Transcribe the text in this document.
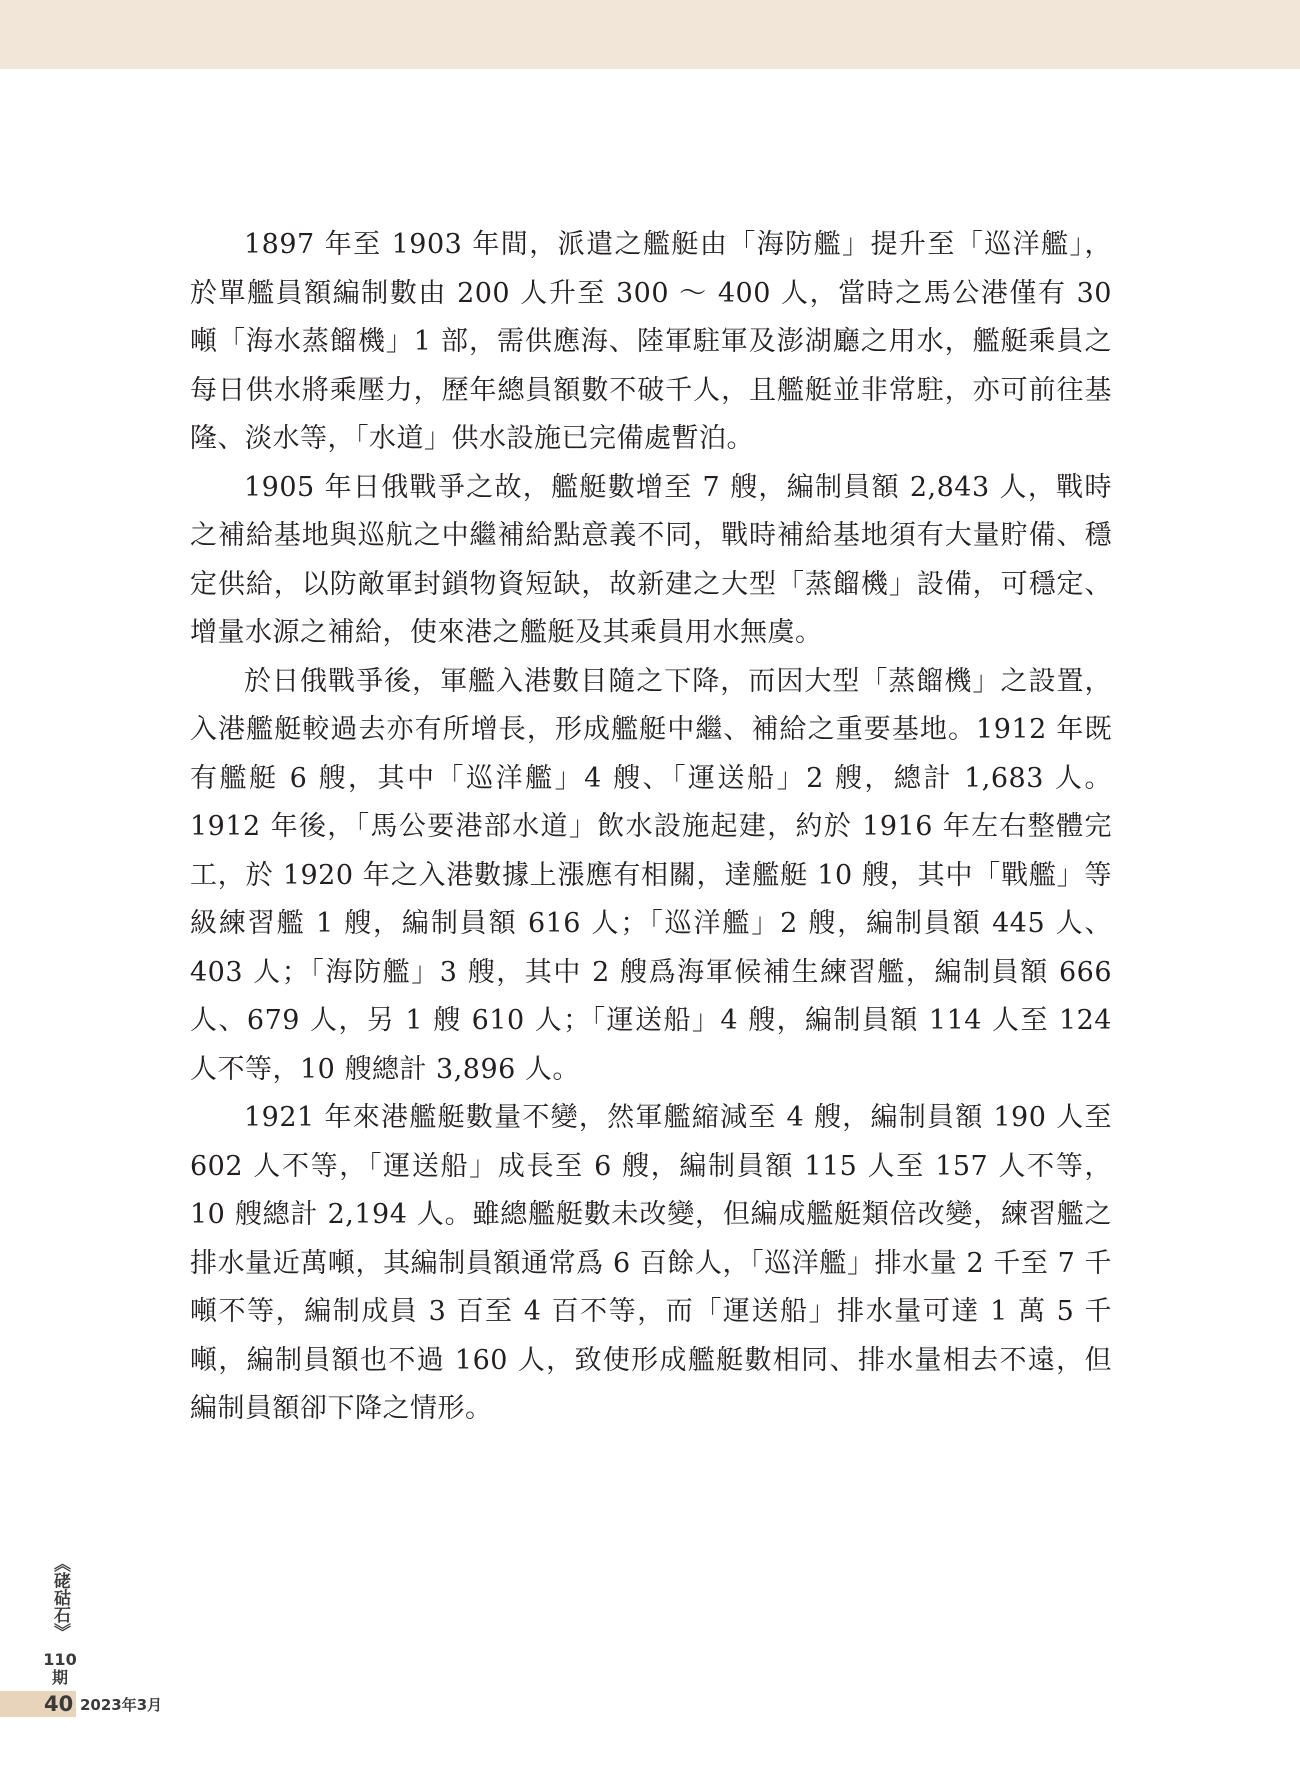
1897 年至 1903 年間，派遣之艦艇由「海防艦」提升至「巡洋艦」，於單艦員額編制數由 200 人升至 300 ～ 400 人，當時之馬公港僅有 30 噸「海水蒸餾機」1 部，需供應海、陸軍駐軍及澎湖廳之用水，艦艇乘員之每日供水將乘壓力，歷年總員額數不破千人，且艦艇並非常駐，亦可前往基隆、淡水等，「水道」供水設施已完備處暫泊。

1905 年日俄戰爭之故，艦艇數增至 7 艘，編制員額 2,843 人，戰時之補給基地與巡航之中繼補給點意義不同，戰時補給基地須有大量貯備、穩定供給，以防敵軍封鎖物資短缺，故新建之大型「蒸餾機」設備，可穩定、增量水源之補給，使來港之艦艇及其乘員用水無虞。

於日俄戰爭後，軍艦入港數目隨之下降，而因大型「蒸餾機」之設置，入港艦艇較過去亦有所增長，形成艦艇中繼、補給之重要基地。1912 年既有艦艇 6 艘，其中「巡洋艦」4 艘、「運送船」2 艘，總計 1,683 人。1912 年後，「馬公要港部水道」飲水設施起建，約於 1916 年左右整體完工，於 1920 年之入港數據上漲應有相關，達艦艇 10 艘，其中「戰艦」等級練習艦 1 艘，編制員額 616 人；「巡洋艦」2 艘，編制員額 445 人、403 人；「海防艦」3 艘，其中 2 艘爲海軍候補生練習艦，編制員額 666 人、679 人，另 1 艘 610 人；「運送船」4 艘，編制員額 114 人至 124 人不等，10 艘總計 3,896 人。

1921 年來港艦艇數量不變，然軍艦縮減至 4 艘，編制員額 190 人至 602 人不等，「運送船」成長至 6 艘，編制員額 115 人至 157 人不等，10 艘總計 2,194 人。雖總艦艇數未改變，但編成艦艇類倍改變，練習艦之排水量近萬噸，其編制員額通常爲 6 百餘人，「巡洋艦」排水量 2 千至 7 千噸不等，編制成員 3 百至 4 百不等，而「運送船」排水量可達 1 萬 5 千噸，編制員額也不過 160 人，致使形成艦艇數相同、排水量相去不遠，但編制員額卻下降之情形。

《硓𥑮石》
110期
40 2023年3月
